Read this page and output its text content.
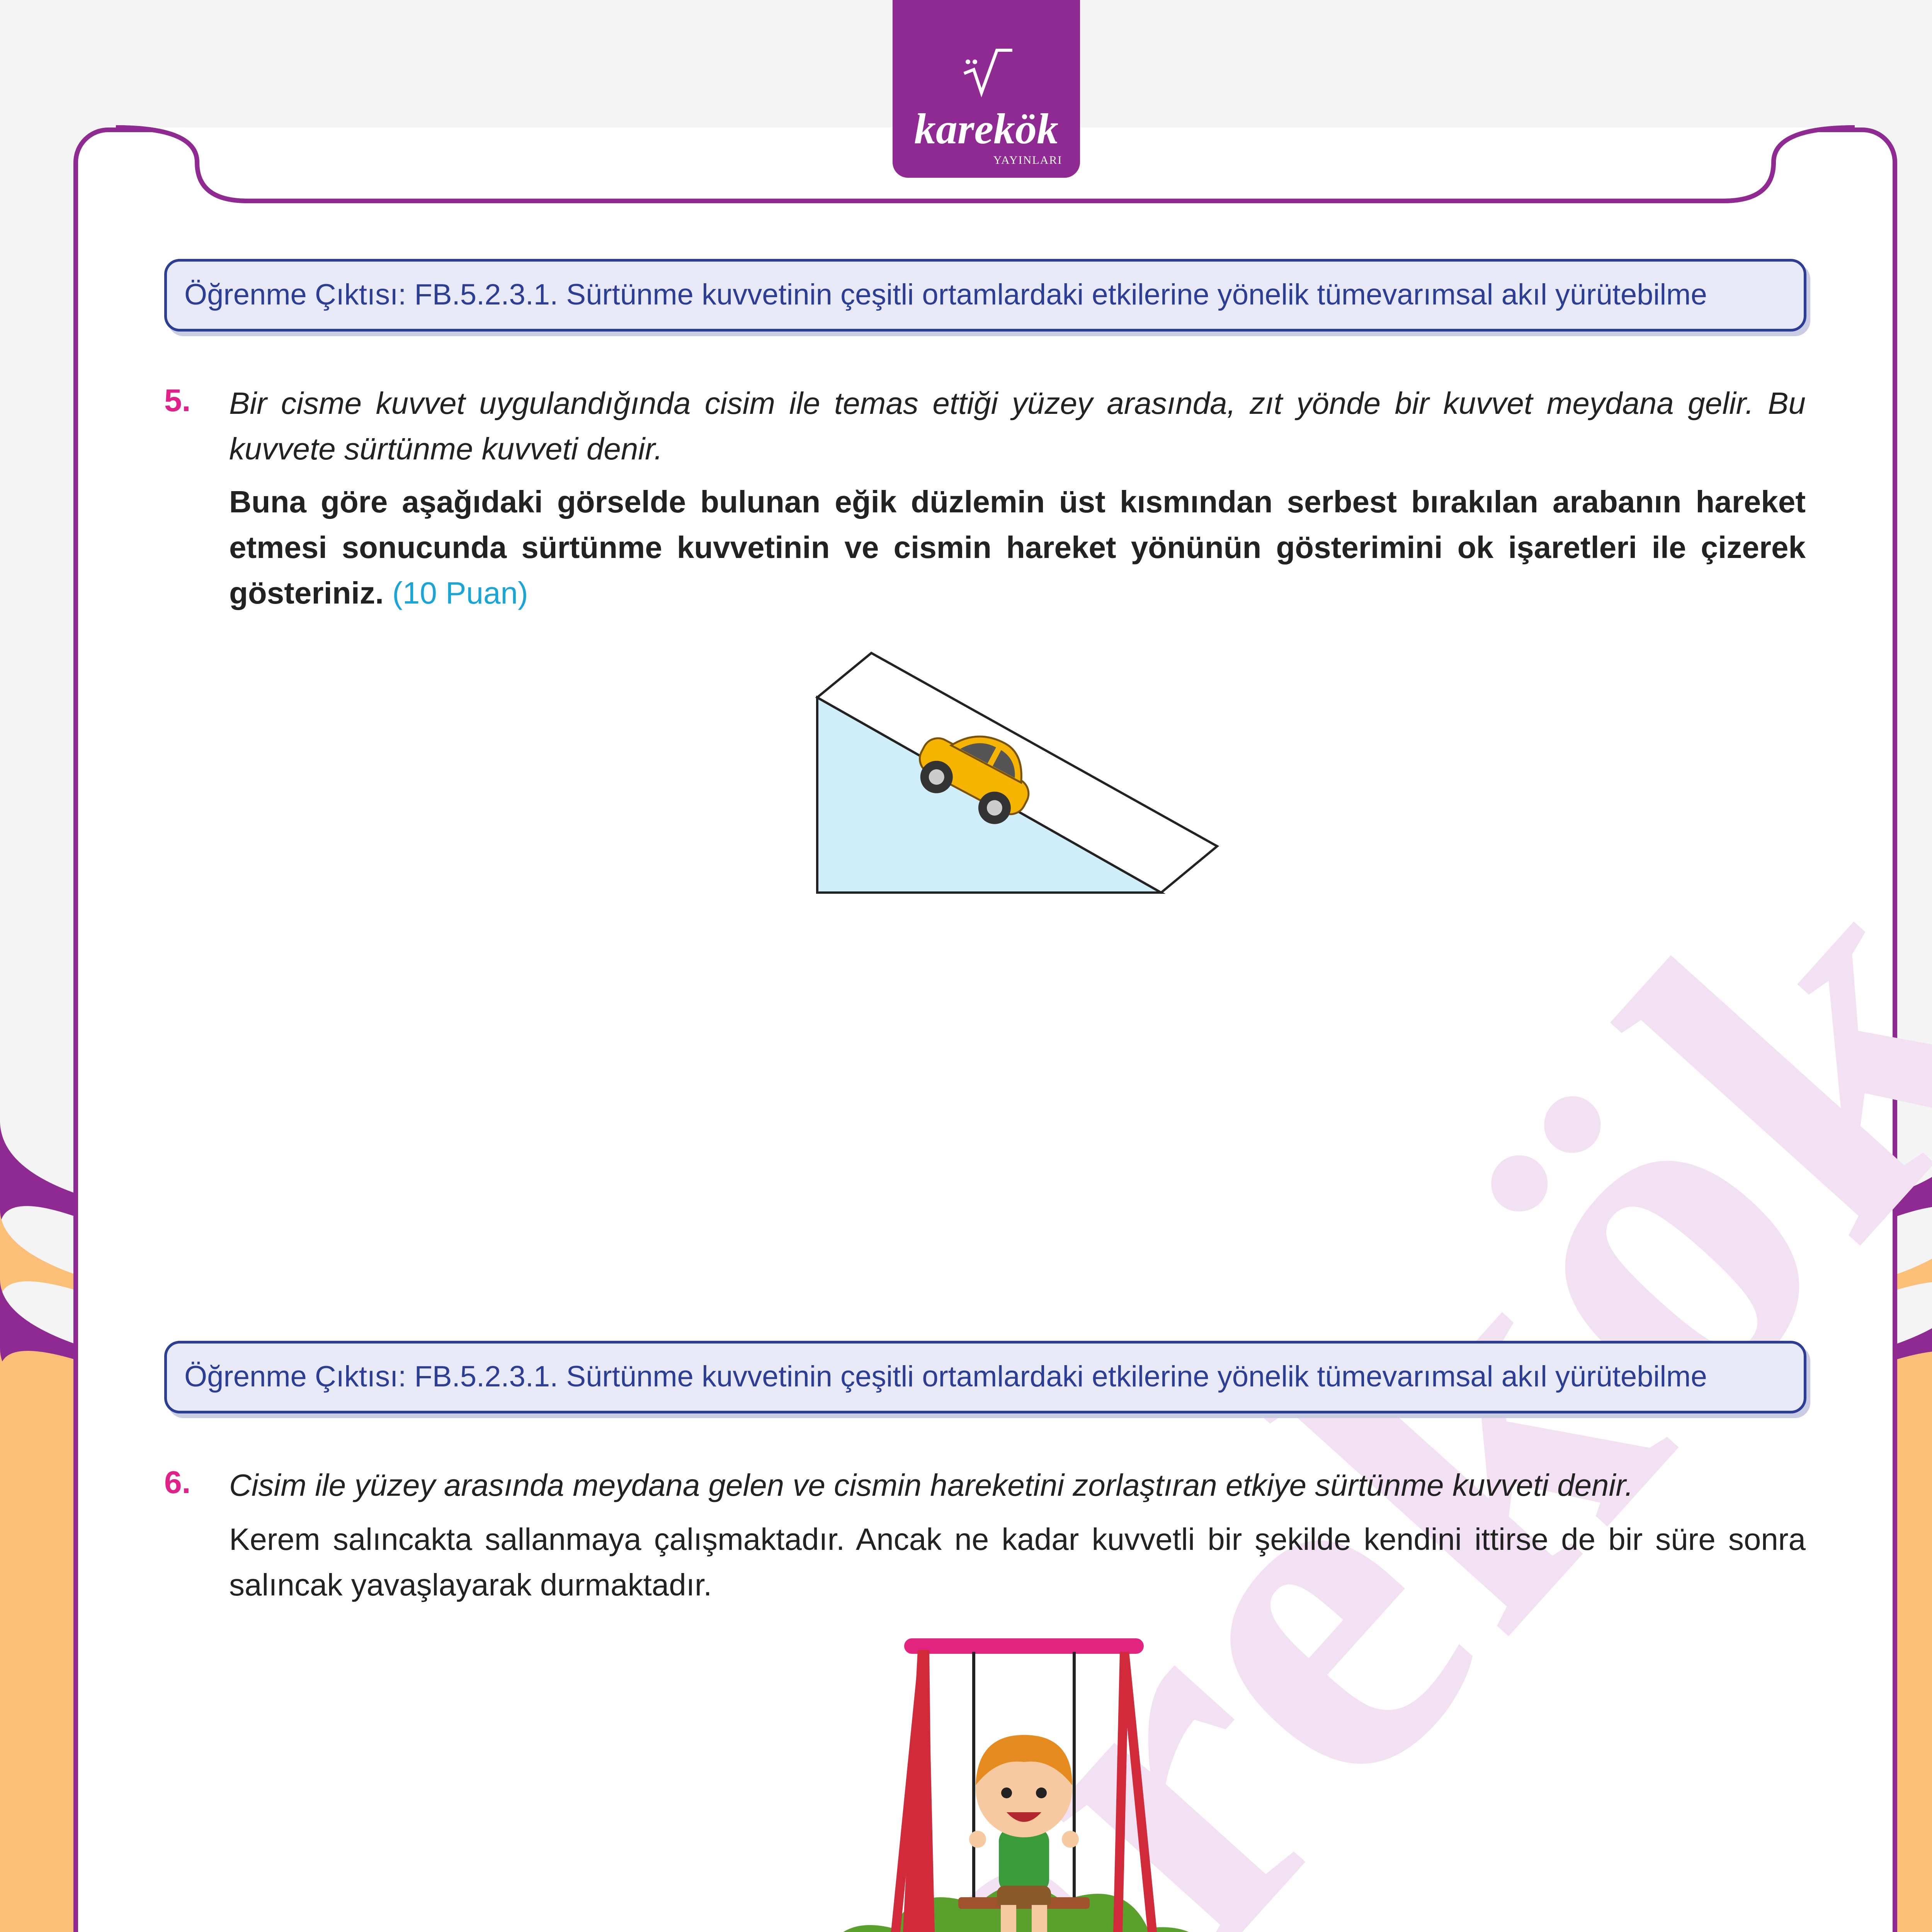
karekök
YAYINLARI
Öğrenme Çıktısı: FB.5.2.3.1. Sürtünme kuvvetinin çeşitli ortamlardaki etkilerine yönelik tümevarımsal akıl yürütebilme
5. Bir cisme kuvvet uygulandığında cisim ile temas ettiği yüzey arasında, zıt yönde bir kuvvet meydana gelir. Bu kuvvete sürtünme kuvveti denir.
Buna göre aşağıdaki görselde bulunan eğik düzlemin üst kısmından serbest bırakılan arabanın hareket etmesi sonucunda sürtünme kuvvetinin ve cismin hareket yönünün gösterimini ok işaretleri ile çizerek gösteriniz. (10 Puan)
Öğrenme Çıktısı: FB.5.2.3.1. Sürtünme kuvvetinin çeşitli ortamlardaki etkilerine yönelik tümevarımsal akıl yürütebilme
6. Cisim ile yüzey arasında meydana gelen ve cismin hareketini zorlaştıran etkiye sürtünme kuvveti denir.
Kerem salıncakta sallanmaya çalışmaktadır. Ancak ne kadar kuvvetli bir şekilde kendini ittirse de bir süre sonra salıncak yavaşlayarak durmaktadır.
